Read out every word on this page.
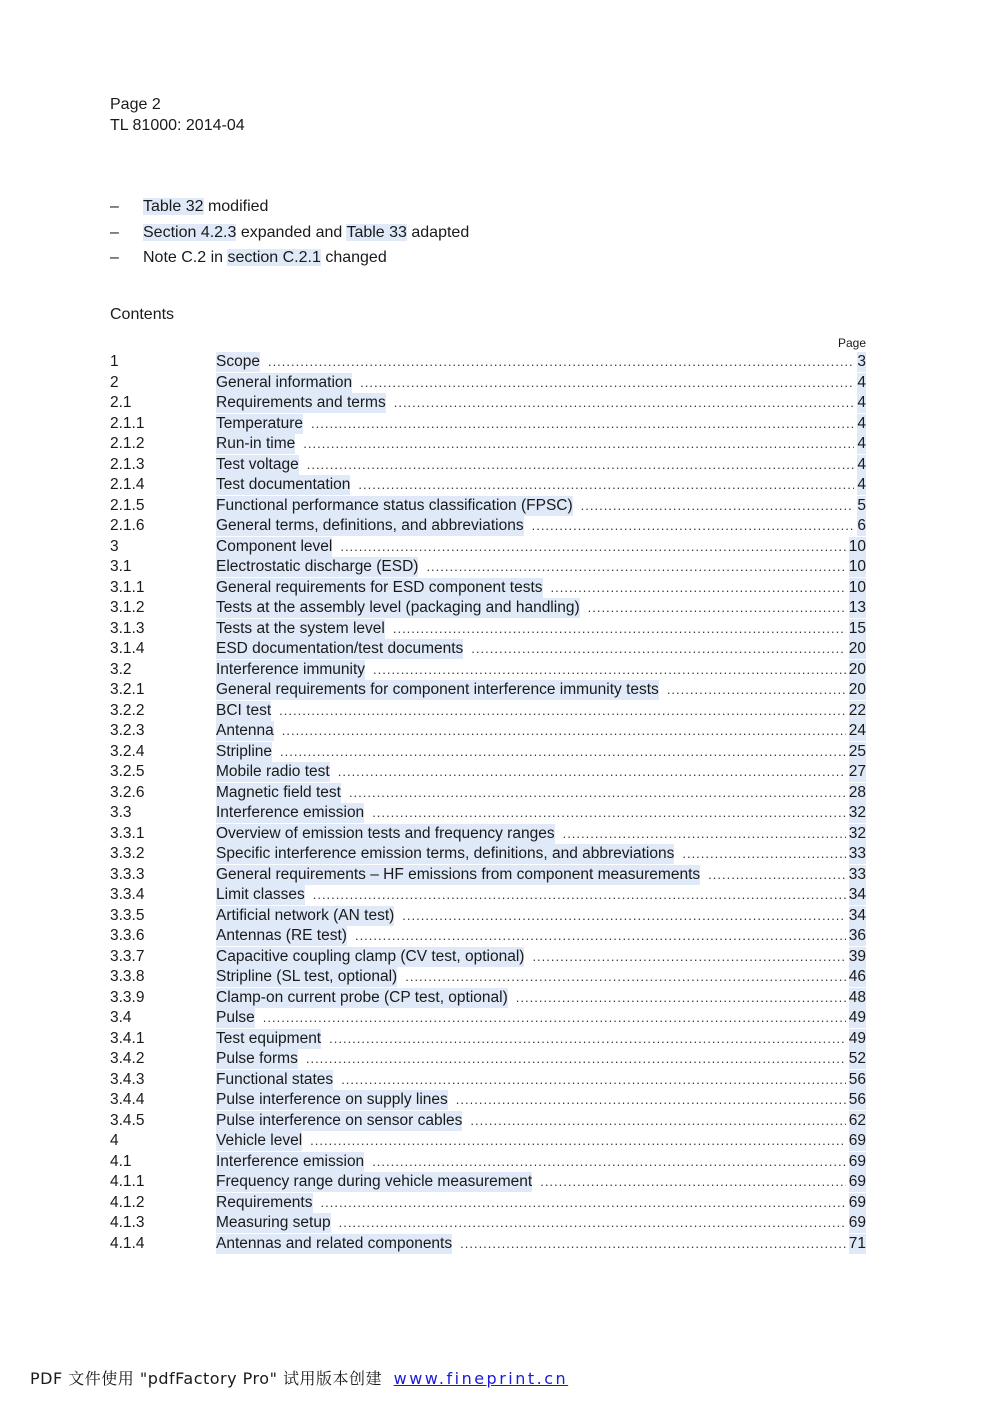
Page 2
TL 81000: 2014-04
– Table 32 modified
– Section 4.2.3 expanded and Table 33 adapted
– Note C.2 in section C.2.1 changed
Contents
Page
1	Scope .....	3
2	General information .....	4
2.1	Requirements and terms .....	4
2.1.1	Temperature .....	4
2.1.2	Run-in time .....	4
2.1.3	Test voltage .....	4
2.1.4	Test documentation .....	4
2.1.5	Functional performance status classification (FPSC) .....	5
2.1.6	General terms, definitions, and abbreviations .....	6
3	Component level .....	10
3.1	Electrostatic discharge (ESD) .....	10
3.1.1	General requirements for ESD component tests .....	10
3.1.2	Tests at the assembly level (packaging and handling) .....	13
3.1.3	Tests at the system level .....	15
3.1.4	ESD documentation/test documents .....	20
3.2	Interference immunity .....	20
3.2.1	General requirements for component interference immunity tests .....	20
3.2.2	BCI test .....	22
3.2.3	Antenna .....	24
3.2.4	Stripline .....	25
3.2.5	Mobile radio test .....	27
3.2.6	Magnetic field test .....	28
3.3	Interference emission .....	32
3.3.1	Overview of emission tests and frequency ranges .....	32
3.3.2	Specific interference emission terms, definitions, and abbreviations .....	33
3.3.3	General requirements – HF emissions from component measurements .....	33
3.3.4	Limit classes .....	34
3.3.5	Artificial network (AN test) .....	34
3.3.6	Antennas (RE test) .....	36
3.3.7	Capacitive coupling clamp (CV test, optional) .....	39
3.3.8	Stripline (SL test, optional) .....	46
3.3.9	Clamp-on current probe (CP test, optional) .....	48
3.4	Pulse .....	49
3.4.1	Test equipment .....	49
3.4.2	Pulse forms .....	52
3.4.3	Functional states .....	56
3.4.4	Pulse interference on supply lines .....	56
3.4.5	Pulse interference on sensor cables .....	62
4	Vehicle level .....	69
4.1	Interference emission .....	69
4.1.1	Frequency range during vehicle measurement .....	69
4.1.2	Requirements .....	69
4.1.3	Measuring setup .....	69
4.1.4	Antennas and related components .....	71
PDF 文件使用 "pdfFactory Pro" 试用版本创建 www.fineprint.cn
